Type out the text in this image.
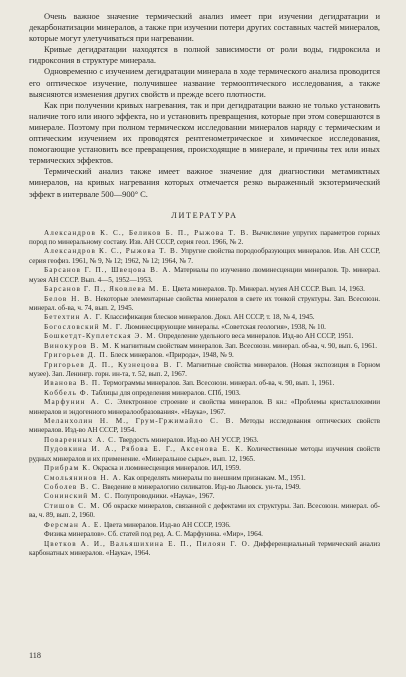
Очень важное значение термический анализ имеет при изучении дегидратации и декарбонатизации минералов, а также при изучении потери других составных частей минералов, которые могут улетучиваться при нагревании.

Кривые дегидратации находятся в полной зависимости от роли воды, гидроксила и гидроксония в структуре минерала.

Одновременно с изучением дегидратации минерала в ходе термического анализа проводится его оптическое изучение, получившее название термооптического исследования, а также выясняются изменения других свойств и прежде всего плотности.

Как при получении кривых нагревания, так и при дегидратации важно не только установить наличие того или иного эффекта, но и установить превращения, которые при этом совершаются в минерале. Поэтому при полном термическом исследовании минералов наряду с термическим и оптическим изучением их проводятся рентгенометрическое и химическое исследования, помогающие установить все превращения, происходящие в минерале, и причины тех или иных термических эффектов.

Термический анализ также имеет важное значение для диагностики метамиктных минералов, на кривых нагревания которых отмечается резко выраженный экзотермический эффект в интервале 500—900° С.

ЛИТЕРАТУРА

Александров К. С., Беликов Б. П., Рыжова Т. В. Вычисление упругих параметров горных пород по минеральному составу. Изв. АН СССР, серия геол. 1966, № 2.

Александров К. С., Рыжова Т. В. Упругие свойства породообразующих минералов. Изв. АН СССР, серия геофиз. 1961, № 9, № 12; 1962, № 12; 1964, № 7.

Барсанов Г. П., Швецова В. А. Материалы по изучению люминесценции минералов. Тр. минерал. музея АН СССР. Вып. 4—5, 1952—1953.

Барсанов Г. П., Яковлева М. Е. Цвета минералов. Тр. Минерал. музея АН СССР. Вып. 14, 1963.

Белов Н. В. Некоторые элементарные свойства минералов в свете их тонкой структуры. Зап. Всесоюзн. минерал. об-ва, ч. 74, вып. 2, 1945.

Бетехтин А. Г. Классификация блесков минералов. Докл. АН СССР, т. 18, № 4, 1945.

Богословский М. Г. Люминесцирующие минералы. «Советская геология», 1938, № 10.

Бошкетдт-Куплетская Э. М. Определение удельного веса минералов. Изд-во АН СССР, 1951.

Винокуров В. М. К магнитным свойствам минералов. Зап. Всесоюзн. минерал. об-ва, ч. 90, вып. 6, 1961.

Григорьев Д. П. Блеск минералов. «Природа», 1948, № 9.

Григорьев Д. П., Кузнецова В. Г. Магнитные свойства минералов. (Новая экспозиция в Горном музее). Зап. Ленингр. горн. ин-та, т. 52, вып. 2, 1967.

Иванова В. П. Термограммы минералов. Зап. Всесоюзн. минерал. об-ва, ч. 90, вып. 1, 1961.

Коббель Ф. Таблицы для определения минералов. СПб, 1903.

Марфунин А. С. Электронное строение и свойства минералов. В кн.: «Проблемы кристаллохимии минералов и эндогенного минералообразования». «Наука», 1967.

Меланхолин Н. М., Грум-Гржимайло С. В. Методы исследования оптических свойств минералов. Изд-во АН СССР, 1954.

Поваренных А. С. Твердость минералов. Изд-во АН УССР, 1963.

Пудовкина И. А., Рябова Е. Г., Аксенова Е. К. Количественные методы изучения свойств рудных минералов и их применение. «Минеральное сырье», вып. 12, 1965.

Прибрам К. Окраска и люминесценция минералов. ИЛ, 1959.

Смольянинов Н. А. Как определять минералы по внешним признакам. М., 1951.

Соболев В. С. Введение в минералогию силикатов. Изд-во Львовск. ун-та, 1949.

Сонинский М. С. Полупроводники. «Наука», 1967.

Стишов С. М. Об окраске минералов, связанной с дефектами их структуры. Зап. Всесоюзн. минерал. об-ва, ч. 89, вып. 2, 1960.

Ферсман А. Е. Цвета минералов. Изд-во АН СССР, 1936.

Физика минералов». Сб. статей под ред. А. С. Марфунина. «Мир», 1964.

Цветков А. И., Вальяшихина Е. П., Пилоян Г. О. Дифференциальный термический анализ карбонатных минералов. «Наука», 1964.

118
